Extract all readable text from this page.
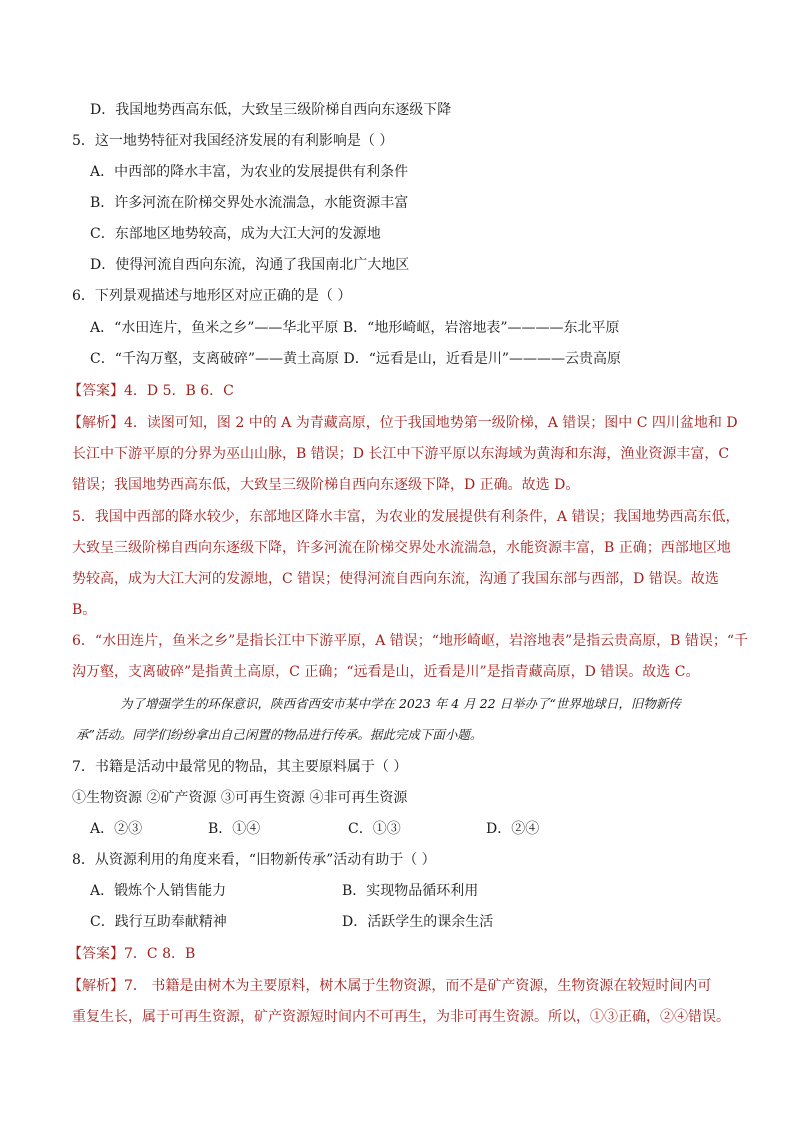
D．我国地势西高东低，大致呈三级阶梯自西向东逐级下降
5．这一地势特征对我国经济发展的有利影响是（ ）
A．中西部的降水丰富，为农业的发展提供有利条件
B．许多河流在阶梯交界处水流湍急，水能资源丰富
C．东部地区地势较高，成为大江大河的发源地
D．使得河流自西向东流，沟通了我国南北广大地区
6．下列景观描述与地形区对应正确的是（ ）
A．“水田连片，鱼米之乡”——华北平原 B．“地形崎岖，岩溶地表”————东北平原
C．“千沟万壑，支离破碎”——黄土高原 D．“远看是山，近看是川”————云贵高原
【答案】4．D 5．B 6．C
【解析】4．读图可知，图 2 中的 A 为青藏高原，位于我国地势第一级阶梯，A 错误；图中 C 四川盆地和 D
长江中下游平原的分界为巫山山脉，B 错误；D 长江中下游平原以东海域为黄海和东海，渔业资源丰富，C
错误；我国地势西高东低，大致呈三级阶梯自西向东逐级下降，D 正确。故选 D。
5．我国中西部的降水较少，东部地区降水丰富，为农业的发展提供有利条件，A 错误；我国地势西高东低，
大致呈三级阶梯自西向东逐级下降，许多河流在阶梯交界处水流湍急，水能资源丰富，B 正确；西部地区地
势较高，成为大江大河的发源地，C 错误；使得河流自西向东流，沟通了我国东部与西部，D 错误。故选
B。
6．“水田连片，鱼米之乡”是指长江中下游平原，A 错误；“地形崎岖，岩溶地表”是指云贵高原，B 错误；“千
沟万壑，支离破碎”是指黄土高原，C 正确；“远看是山，近看是川”是指青藏高原，D 错误。故选 C。
为了增强学生的环保意识，陕西省西安市某中学在 2023 年 4 月 22 日举办了“世界地球日，旧物新传
承”活动。同学们纷纷拿出自己闲置的物品进行传承。据此完成下面小题。
7．书籍是活动中最常见的物品，其主要原料属于（ ）
①生物资源 ②矿产资源 ③可再生资源 ④非可再生资源
A．②③	B．①④	C．①③	D．②④
8．从资源利用的角度来看，“旧物新传承”活动有助于（ ）
A．锻炼个人销售能力	B．实现物品循环利用
C．践行互助奉献精神	D．活跃学生的课余生活
【答案】7．C 8．B
【解析】7． 书籍是由树木为主要原料，树木属于生物资源，而不是矿产资源，生物资源在较短时间内可
重复生长，属于可再生资源，矿产资源短时间内不可再生，为非可再生资源。所以，①③正确，②④错误。
